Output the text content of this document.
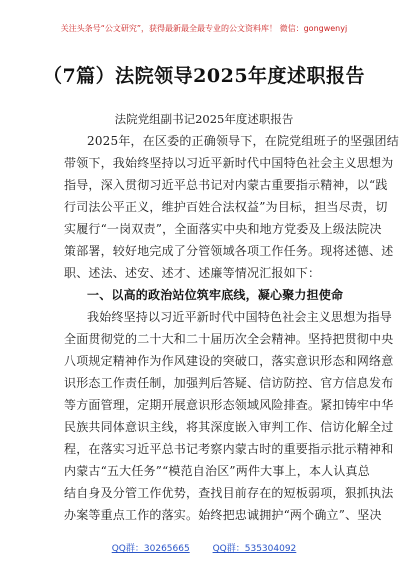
关注头条号“公文研究”，获得最新最全最专业的公文资料库！ 微信：gongwenyj
（7篇）法院领导2025年度述职报告
法院党组副书记2025年度述职报告
2025年，在区委的正确领导下，在院党组班子的坚强团结
带领下，我始终坚持以习近平新时代中国特色社会主义思想为
指导，深入贯彻习近平总书记对内蒙古重要指示精神，以“践
行司法公平正义，维护百姓合法权益”为目标，担当尽责，切
实履行“一岗双责”，全面落实中央和地方党委及上级法院决
策部署，较好地完成了分管领域各项工作任务。现将述德、述
职、述法、述安、述才、述廉等情况汇报如下：
一、以高的政治站位筑牢底线，凝心聚力担使命
我始终坚持以习近平新时代中国特色社会主义思想为指导
全面贯彻党的二十大和二十届历次全会精神。坚持把贯彻中央
八项规定精神作为作风建设的突破口，落实意识形态和网络意
识形态工作责任制，加强判后答疑、信访防控、官方信息发布
等方面管理，定期开展意识形态领域风险排查。紧扣铸牢中华
民族共同体意识主线，将其深度嵌入审判工作、信访化解全过
程，在落实习近平总书记考察内蒙古时的重要指示批示精神和
内蒙古“五大任务”“模范自治区”两件大事上，本人认真总
结自身及分管工作优势，查找目前存在的短板弱项，狠抓执法
办案等重点工作的落实。始终把忠诚拥护“两个确立”、坚决
QQ群：30265665	QQ群：535304092
